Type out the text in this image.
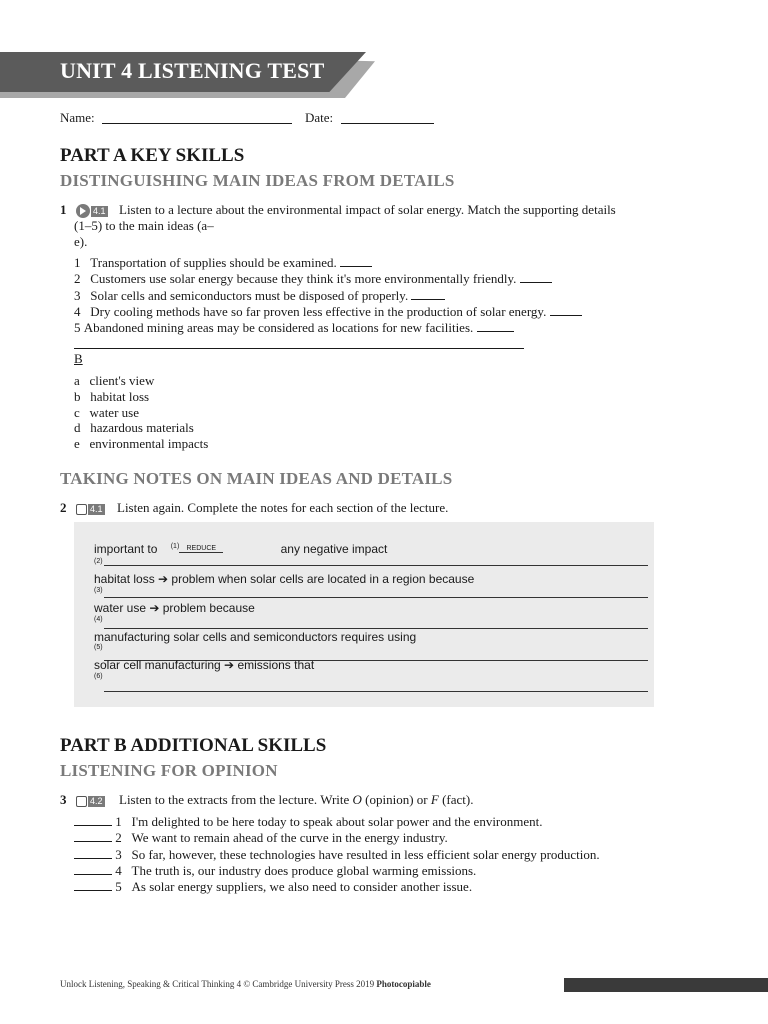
UNIT 4 LISTENING TEST
Name:	Date:
PART A KEY SKILLS
DISTINGUISHING MAIN IDEAS FROM DETAILS
1	4.1 Listen to a lecture about the environmental impact of solar energy. Match the supporting details
(1–5) to the main ideas (a–
e).
1 Transportation of supplies should be examined.
2 Customers use solar energy because they think it's more environmentally friendly.
3 Solar cells and semiconductors must be disposed of properly.
4 Dry cooling methods have so far proven less effective in the production of solar energy.
5 Abandoned mining areas may be considered as locations for new facilities.
B
a client's view
b habitat loss
c water use
d hazardous materials
e environmental impacts
TAKING NOTES ON MAIN IDEAS AND DETAILS
2	4.1 Listen again. Complete the notes for each section of the lecture.
important to $^{(1)}$ REDUCE	any negative impact
(2)
habitat loss ➔ problem when solar cells are located in a region because
(3)
water use ➔ problem because
(4)
manufacturing solar cells and semiconductors requires using
(5)
solar cell manufacturing ➔ emissions that
(6)
PART B ADDITIONAL SKILLS
LISTENING FOR OPINION
3	4.2 Listen to the extracts from the lecture. Write O (opinion) or F (fact).
1 I'm delighted to be here today to speak about solar power and the environment.
2 We want to remain ahead of the curve in the energy industry.
3 So far, however, these technologies have resulted in less efficient solar energy production.
4 The truth is, our industry does produce global warming emissions.
5 As solar energy suppliers, we also need to consider another issue.
Unlock Listening, Speaking & Critical Thinking 4 © Cambridge University Press 2019 Photocopiable
